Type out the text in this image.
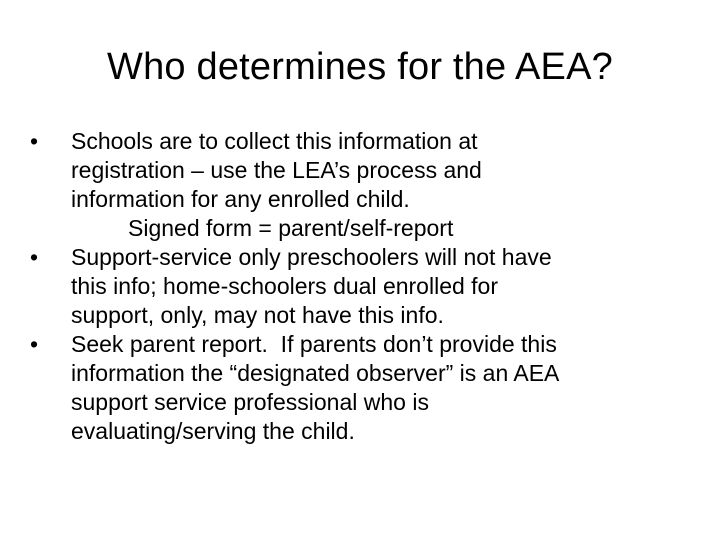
Who determines for the AEA?
•	Schools are to collect this information at
registration – use the LEA’s process and
information for any enrolled child.
Signed form = parent/self-report
•	Support-service only preschoolers will not have
this info; home-schoolers dual enrolled for
support, only, may not have this info.
•	Seek parent report.  If parents don’t provide this
information the “designated observer” is an AEA
support service professional who is
evaluating/serving the child.
